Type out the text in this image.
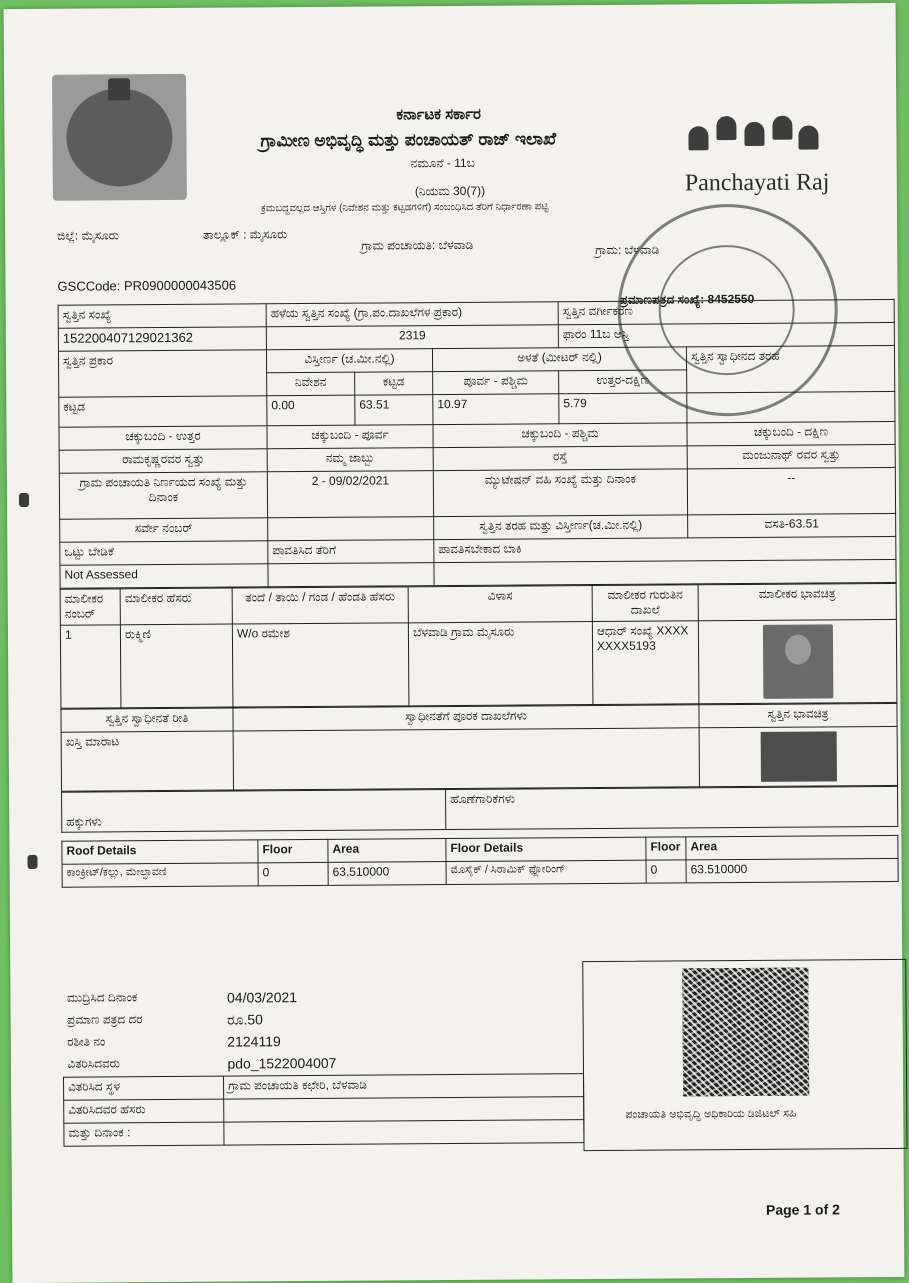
ಕರ್ನಾಟಕ ಸರ್ಕಾರ
ಗ್ರಾಮೀಣ ಅಭಿವೃದ್ಧಿ ಮತ್ತು ಪಂಚಾಯತ್ ರಾಜ್ ಇಲಾಖೆ
ನಮೂನೆ - 11ಬ
(ನಿಯಮ 30(7))
ಕ್ರಮಬದ್ಧವಲ್ಲದ ಆಸ್ತಿಗಳ (ನಿವೇಶನ ಮತ್ತು ಕಟ್ಟಡಗಳಿಗೆ) ಸಂಬಂಧಿಸಿದ ತೆರಿಗೆ ನಿರ್ಧಾರಣಾ ಪಟ್ಟಿ
Panchayati Raj
ಜಿಲ್ಲೆ: ಮೈಸೂರು	ತಾಲ್ಲೂಕ್ : ಮೈಸೂರು
ಗ್ರಾಮ ಪಂಚಾಯತಿ: ಬೆಳವಾಡಿ	ಗ್ರಾಮ: ಬೆಳವಾಡಿ
GSCCode: PR0900000043506
ಪ್ರಮಾಣಪತ್ರದ ಸಂಖ್ಯೆ: 8452550
ಸ್ವತ್ತಿನ ಸಂಖ್ಯೆ	ಹಳೆಯ ಸ್ವತ್ತಿನ ಸಂಖ್ಯೆ (ಗ್ರಾ.ಪಂ.ದಾಖಲೆಗಳ ಪ್ರಕಾರ)			ಸ್ವತ್ತಿನ ವರ್ಗೀಕರಣ	
152200407129021362	2319			ಫಾರಂ 11ಬ ಆಸ್ತಿ	
ಸ್ವತ್ತಿನ ಪ್ರಕಾರ	ವಿಸ್ತೀರ್ಣ (ಚ.ಮೀ.ನಲ್ಲಿ)		ಅಳತೆ (ಮೀಟರ್ ನಲ್ಲಿ)		ಸ್ವತ್ತಿನ ಸ್ವಾಧೀನದ ತರಹ
	ನಿವೇಶನ	ಕಟ್ಟಡ	ಪೂರ್ವ - ಪಶ್ಚಿಮ	ಉತ್ತರ-ದಕ್ಷಿಣ	
ಕಟ್ಟಡ	0.00	63.51	10.97	5.79	
ಚಕ್ಕುಬಂದಿ - ಉತ್ತರ	ಚಕ್ಕುಬಂದಿ - ಪೂರ್ವ		ಚಕ್ಕುಬಂದಿ - ಪಶ್ಚಿಮ		ಚಕ್ಕುಬಂದಿ - ದಕ್ಷಿಣ
ರಾಮಕೃಷ್ಣರವರ ಸ್ವತ್ತು	ನಮ್ಮ ಜಾಬ್ಬು		ರಸ್ತೆ		ಮಂಜುನಾಥ್ ರವರ ಸ್ವತ್ತು
ಗ್ರಾಮ ಪಂಚಾಯತಿ ನಿರ್ಣಯದ ಸಂಖ್ಯೆ ಮತ್ತು ದಿನಾಂಕ	2 - 09/02/2021		ಮ್ಯುಟೇಷನ್ ವಹಿ ಸಂಖ್ಯೆ ಮತ್ತು ದಿನಾಂಕ		--
ಸರ್ವೇ ನಂಬರ್			ಸ್ವತ್ತಿನ ತರಹ ಮತ್ತು ವಿಸ್ತೀರ್ಣ(ಚ.ಮೀ.ನಲ್ಲಿ)		ವಸತಿ-63.51
ಒಟ್ಟು ಬೇಡಿಕೆ	ಪಾವತಿಸಿದ ತೆರಿಗೆ		ಪಾವತಿಸಬೇಕಾದ ಬಾಕಿ		
Not Assessed					
ಮಾಲೀಕರ ನಂಬರ್	ಮಾಲೀಕರ ಹೆಸರು	ತಂದೆ / ತಾಯಿ / ಗಂಡ / ಹೆಂಡತಿ ಹೆಸರು	ವಿಳಾಸ	ಮಾಲೀಕರ ಗುರುತಿನ ದಾಖಲೆ	ಮಾಲೀಕರ ಭಾವಚಿತ್ರ
1	ರುಕ್ಮಿಣಿ	W/o ರಮೇಶ	ಬೆಳವಾಡಿ ಗ್ರಾಮ ಮೈಸೂರು	ಆಧಾರ್ ಸಂಖ್ಯೆ XXXXXXXX5193	
ಸ್ವತ್ತಿನ ಸ್ವಾಧೀನತೆ ರೀತಿ	ಸ್ವಾಧೀನತೆಗೆ ಪೂರಕ ದಾಖಲೆಗಳು	ಸ್ವತ್ತಿನ ಭಾವಚಿತ್ರ
ಖಸ್ತಿ ಮಾರಾಟ		
ಹಕ್ಕುಗಳು	ಹೊಣೆಗಾರಿಕೆಗಳು
Roof Details	Floor	Area	Floor Details	Floor	Area
ಕಾಂಕ್ರೀಟ್/ಕಲ್ಲು, ಮೇಲ್ಛಾವಣಿ	0	63.510000	ಮೊಸೈಕ್ / ಸಿರಾಮಿಕ್ ಫ್ಲೋರಿಂಗ್	0	63.510000
ಮುದ್ರಿಸಿದ ದಿನಾಂಕ	04/03/2021
ಪ್ರಮಾಣ ಪತ್ರದ ದರ	ರೂ.50
ರಶೀತಿ ನಂ	2124119
ವಿತರಿಸಿದವರು	pdo_1522004007
ವಿತರಿಸಿದ ಸ್ಥಳ	ಗ್ರಾಮ ಪಂಚಾಯತಿ ಕಛೇರಿ, ಬೆಳವಾಡಿ
ವಿತರಿಸಿದವರ ಹೆಸರು	
ಮತ್ತು ದಿನಾಂಕ :	
ಪಂಚಾಯತಿ ಅಭಿವೃದ್ಧಿ ಅಧಿಕಾರಿಯ ಡಿಜಿಟಲ್ ಸಹಿ
Page 1 of 2
